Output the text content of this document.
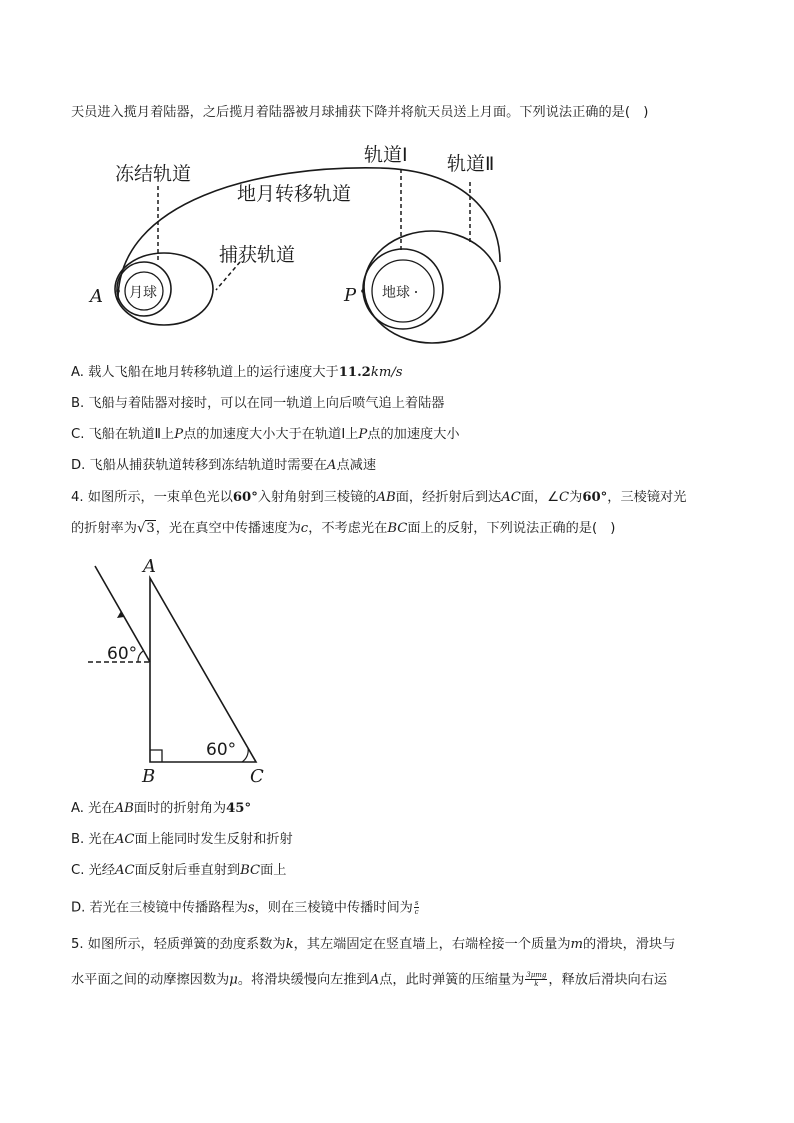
天员进入揽月着陆器，之后揽月着陆器被月球捕获下降并将航天员送上月面。下列说法正确的是(　)
冻结轨道
地月转移轨道
捕获轨道
轨道Ⅰ 轨道Ⅱ
月球	地球
A	P
A. 载人飞船在地月转移轨道上的运行速度大于11.2km/s
B. 飞船与着陆器对接时，可以在同一轨道上向后喷气追上着陆器
C. 飞船在轨道Ⅱ上P点的加速度大小大于在轨道Ⅰ上P点的加速度大小
D. 飞船从捕获轨道转移到冻结轨道时需要在A点减速
4. 如图所示，一束单色光以60°入射角射到三棱镜的AB面，经折射后到达AC面，∠C为60°，三棱镜对光
的折射率为√3，光在真空中传播速度为c，不考虑光在BC面上的反射，下列说法正确的是(　)
A
B	C
60°
60°
A. 光在AB面时的折射角为45°
B. 光在AC面上能同时发生反射和折射
C. 光经AC面反射后垂直射到BC面上
D. 若光在三棱镜中传播路程为s，则在三棱镜中传播时间为 $\frac{s}{c}$
5. 如图所示，轻质弹簧的劲度系数为k，其左端固定在竖直墙上，右端栓接一个质量为m的滑块，滑块与
水平面之间的动摩擦因数为μ。将滑块缓慢向左推到A点，此时弹簧的压缩量为 $\frac{\text{3μmg}}{k}$ ，释放后滑块向右运
